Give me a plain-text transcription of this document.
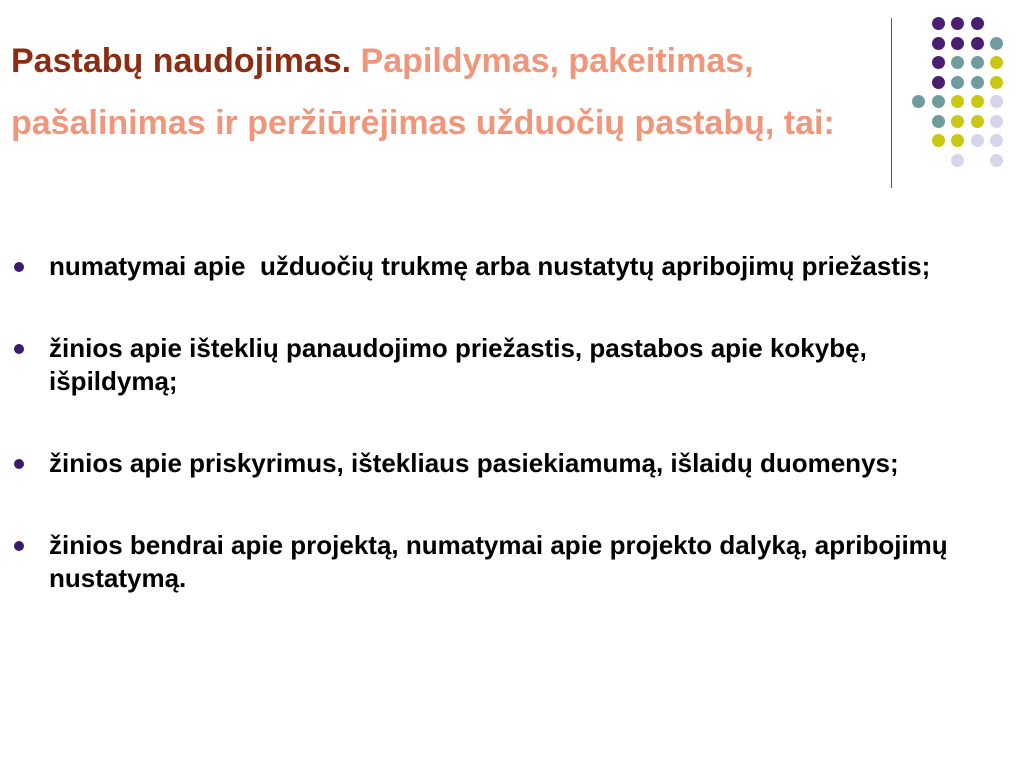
Pastabų naudojimas. Papildymas, pakeitimas, pašalinimas ir peržiūrėjimas užduočių pastabų, tai:
numatymai apie  užduočių trukmę arba nustatytų apribojimų priežastis;
žinios apie išteklių panaudojimo priežastis, pastabos apie kokybę, išpildymą;
žinios apie priskyrimus, ištekliaus pasiekiamumą, išlaidų duomenys;
žinios bendrai apie projektą, numatymai apie projekto dalyką, apribojimų nustatymą.
